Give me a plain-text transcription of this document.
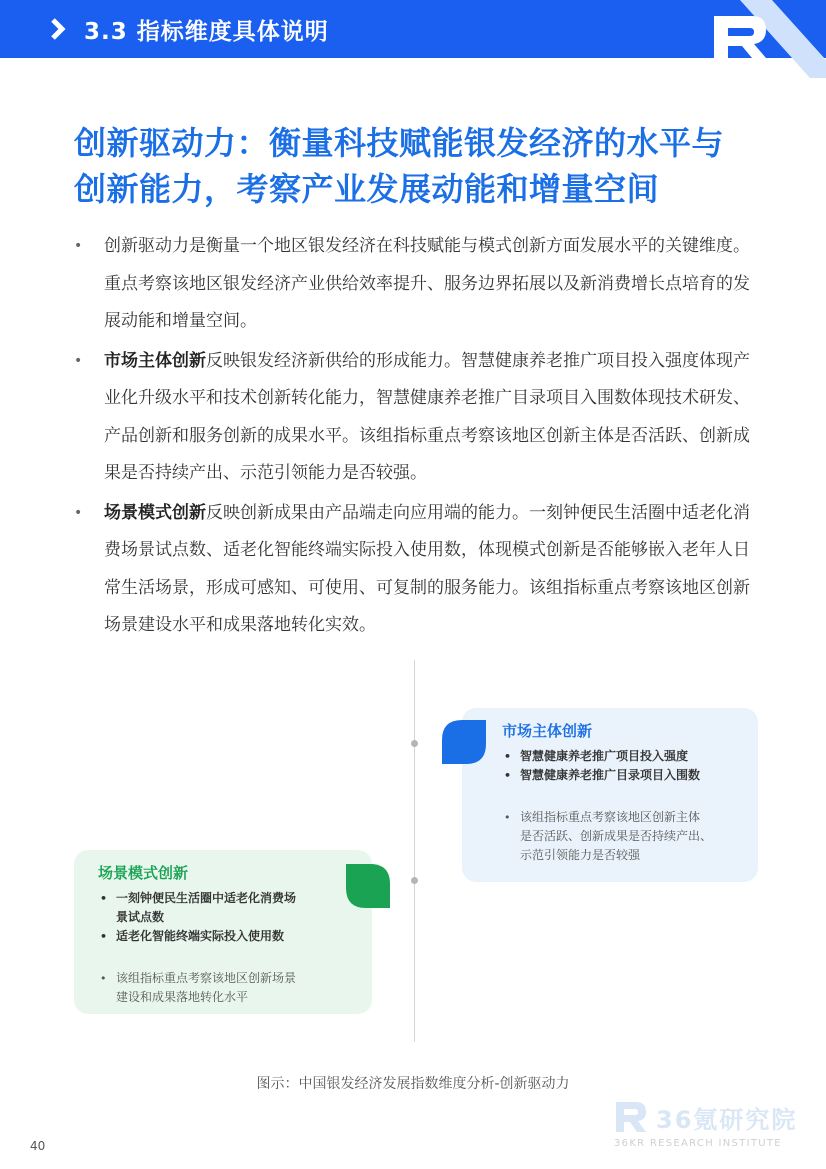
3.3 指标维度具体说明
创新驱动力：衡量科技赋能银发经济的水平与
创新能力，考察产业发展动能和增量空间
• 创新驱动力是衡量一个地区银发经济在科技赋能与模式创新方面发展水平的关键维度。重点考察该地区银发经济产业供给效率提升、服务边界拓展以及新消费增长点培育的发展动能和增量空间。
• 市场主体创新反映银发经济新供给的形成能力。智慧健康养老推广项目投入强度体现产业化升级水平和技术创新转化能力，智慧健康养老推广目录项目入围数体现技术研发、产品创新和服务创新的成果水平。该组指标重点考察该地区创新主体是否活跃、创新成果是否持续产出、示范引领能力是否较强。
• 场景模式创新反映创新成果由产品端走向应用端的能力。一刻钟便民生活圈中适老化消费场景试点数、适老化智能终端实际投入使用数，体现模式创新是否能够嵌入老年人日常生活场景，形成可感知、可使用、可复制的服务能力。该组指标重点考察该地区创新场景建设水平和成果落地转化实效。
市场主体创新
• 智慧健康养老推广项目投入强度
• 智慧健康养老推广目录项目入围数
• 该组指标重点考察该地区创新主体
是否活跃、创新成果是否持续产出、
示范引领能力是否较强
场景模式创新
• 一刻钟便民生活圈中适老化消费场
景试点数
• 适老化智能终端实际投入使用数
• 该组指标重点考察该地区创新场景
建设和成果落地转化水平
图示：中国银发经济发展指数维度分析-创新驱动力
40
36氪研究院
36KR RESEARCH INSTITUTE
